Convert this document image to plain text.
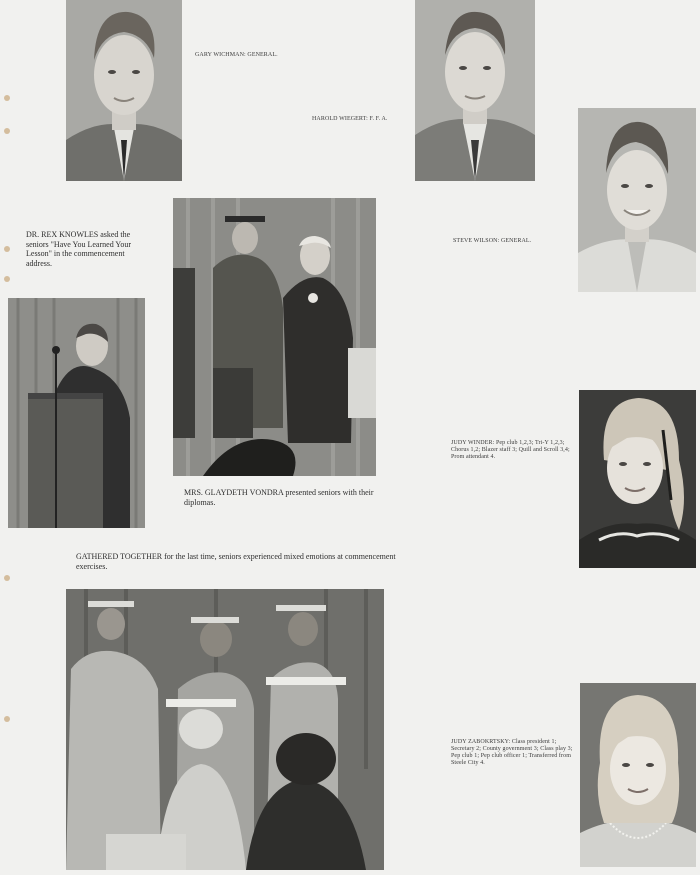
GARY WICHMAN: GENERAL.
HAROLD WIEGERT: F. F. A.
DR. REX KNOWLES asked the seniors "Have You Learned Your Lesson" in the commencement address.
MRS. GLAYDETH VONDRA presented seniors with their diplomas.
STEVE WILSON: GENERAL.
GATHERED TOGETHER for the last time, seniors experienced mixed emotions at commencement exercises.
JUDY WINDER: Pep club 1,2,3; Tri-Y 1,2,3; Chorus 1,2; Blazer staff 3; Quill and Scroll 3,4; Prom attendant 4.
JUDY ZABOKRTSKY: Class president 1; Secretary 2; County government 3; Class play 3; Pep club 1; Pep club officer 1; Transferred from Steele City 4.
